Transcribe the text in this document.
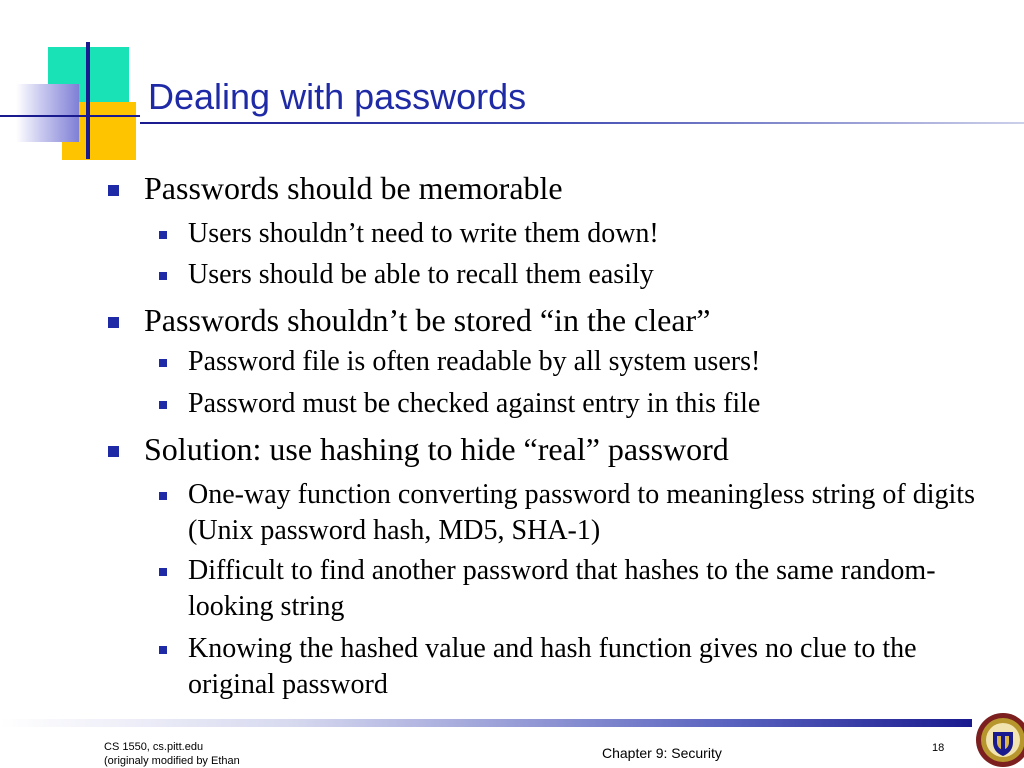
Dealing with passwords
Passwords should be memorable
Users shouldn’t need to write them down!
Users should be able to recall them easily
Passwords shouldn’t be stored “in the clear”
Password file is often readable by all system users!
Password must be checked against entry in this file
Solution: use hashing to hide “real” password
One-way function converting password to meaningless string of digits (Unix password hash, MD5, SHA-1)
Difficult to find another password that hashes to the same random-looking string
Knowing the hashed value and hash function gives no clue to the original password
CS 1550, cs.pitt.edu
(originaly modified by Ethan	Chapter 9: Security	18
